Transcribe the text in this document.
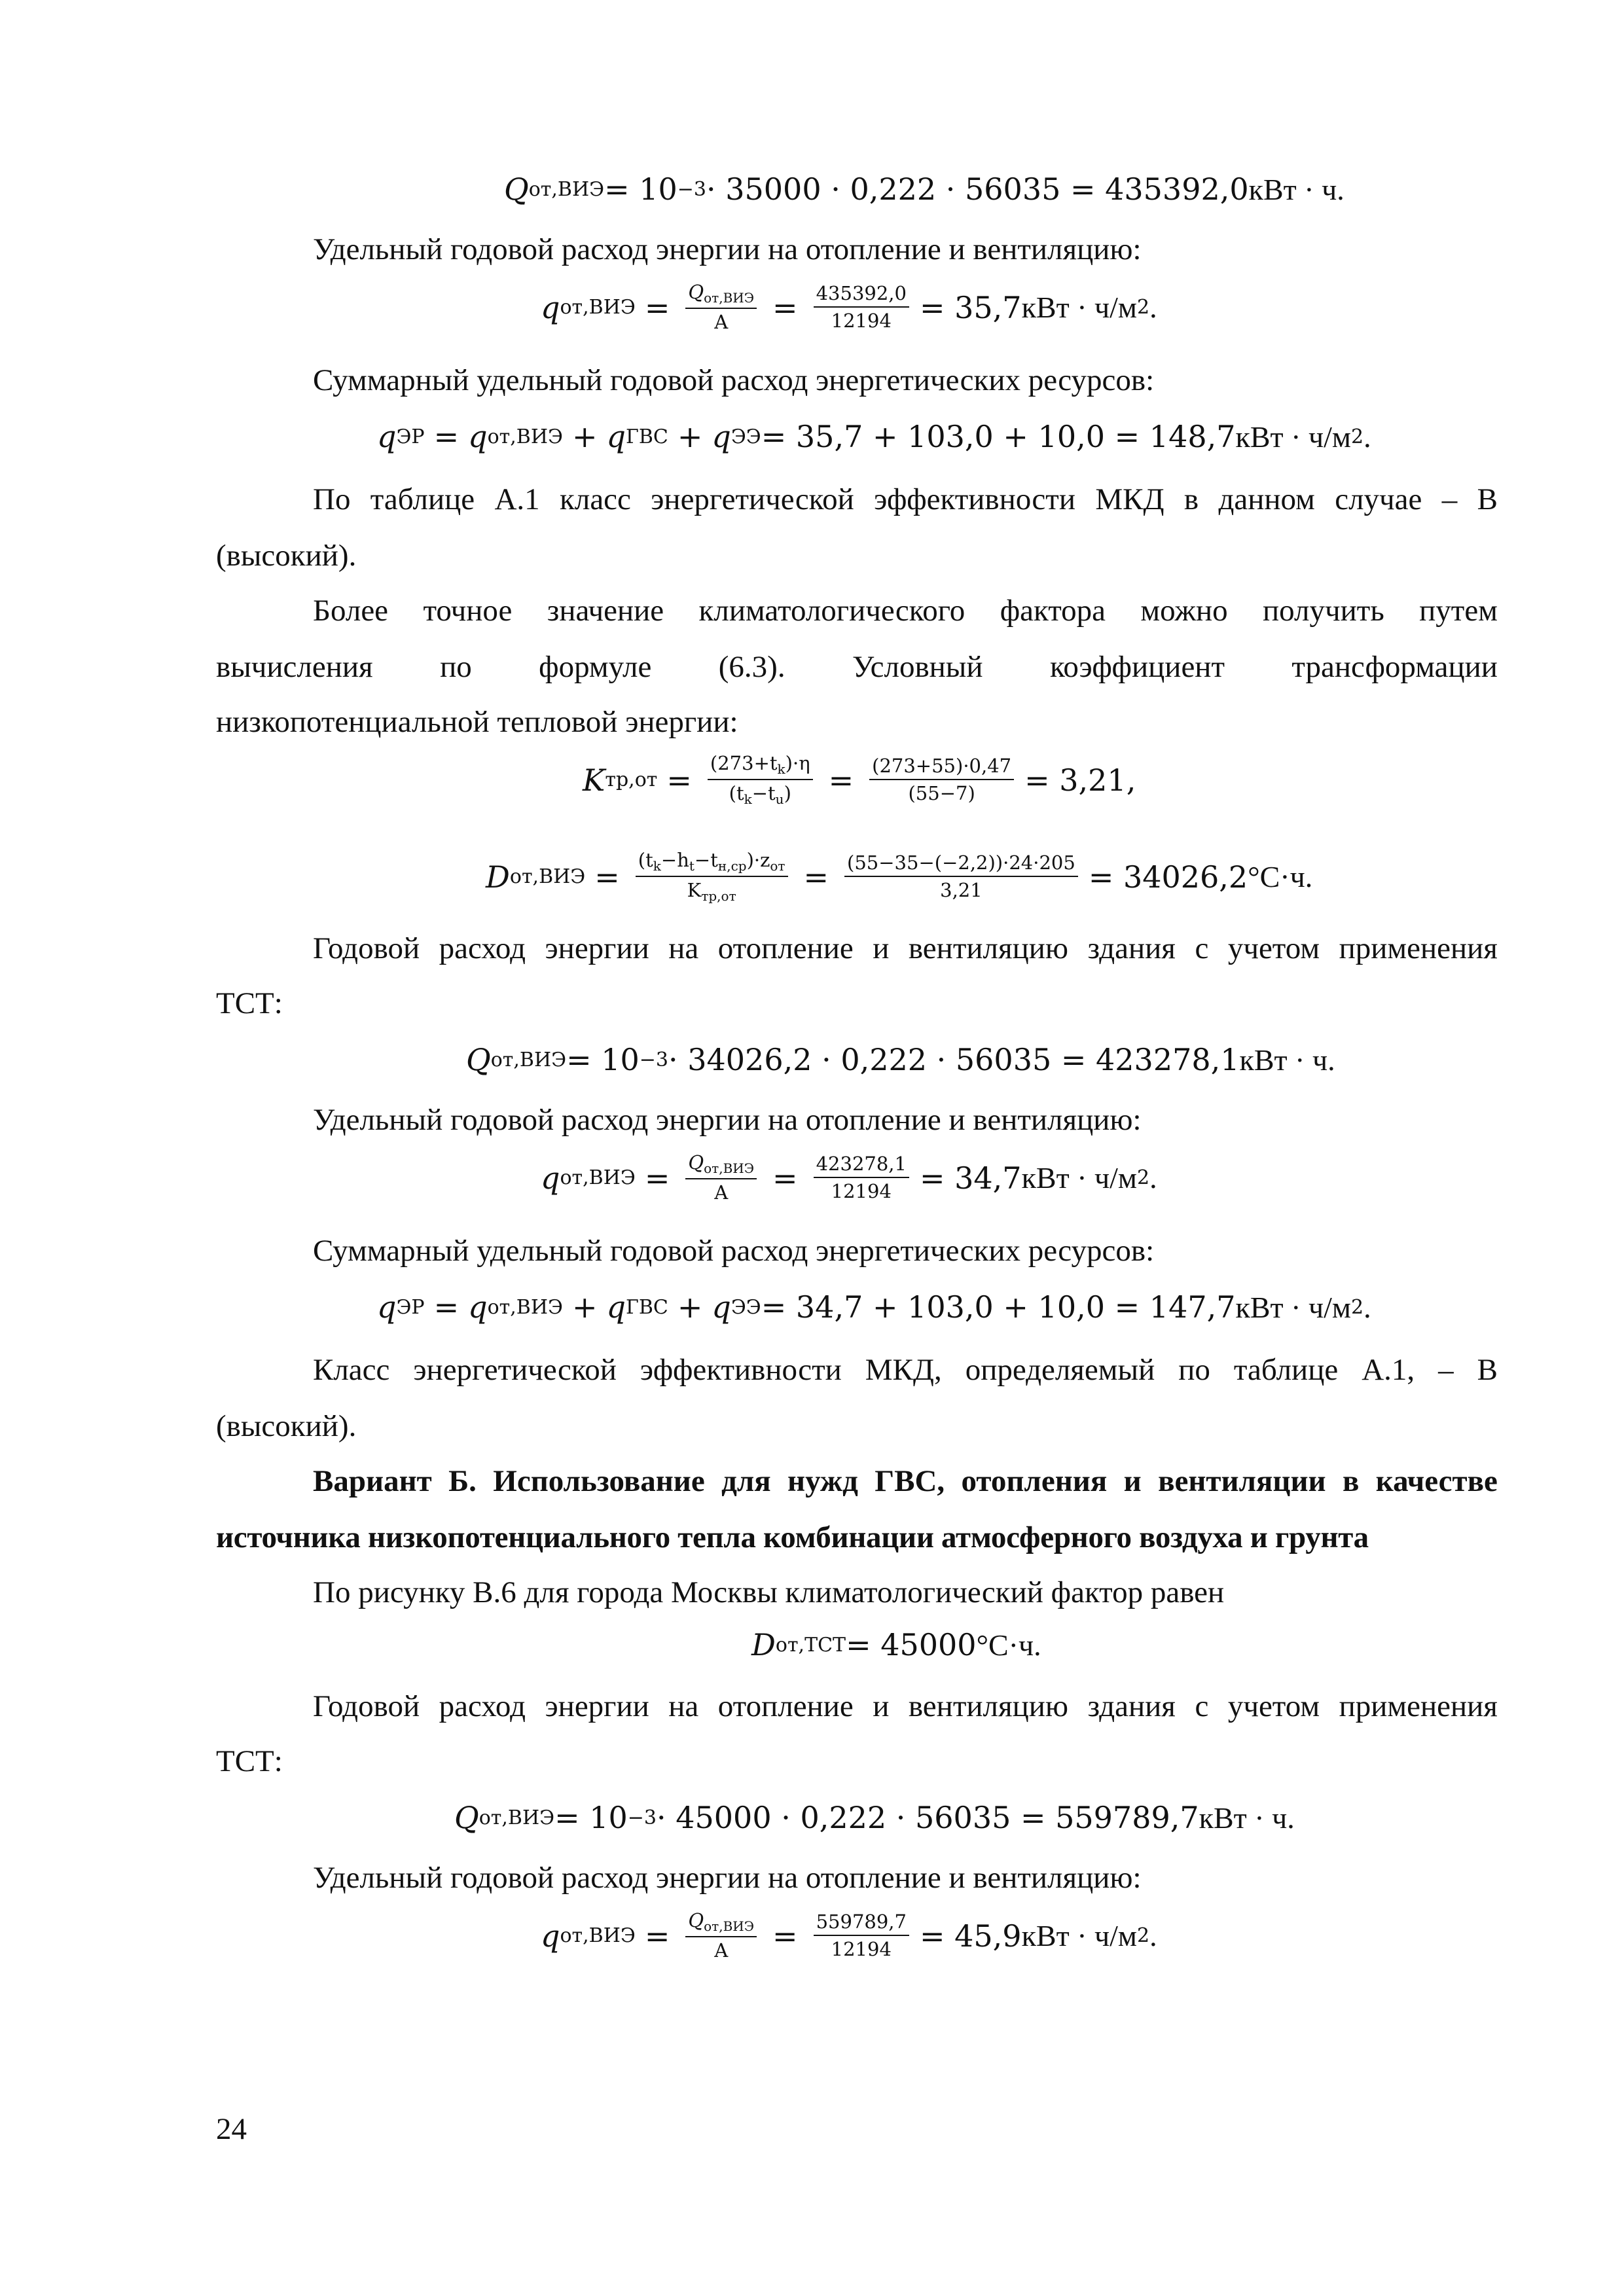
Q от,ВИЭ = 10 −3 · 35000 · 0,222 · 56035 = 435392,0 кВт · ч.
Удельный годовой расход энергии на отопление и вентиляцию:
q $от,ВИЭ = \frac{Q_{от,ВИЭ}}{А} = \frac{435392,0}{12194} = 35,7$ кВт · ч/м 2 .
Суммарный удельный годовой расход энергетических ресурсов:
q ЭР = q от,ВИЭ + q ГВС + q ЭЭ = 35,7 + 103,0 + 10,0 = 148,7 кВт · ч/м 2 .
По таблице А.1 класс энергетической эффективности МКД в данном случае – В
(высокий).
Более точное значение климатологического фактора можно получить путем
вычисления по формуле (6.3). Условный коэффициент трансформации
низкопотенциальной тепловой энергии:
K $тр,от = \frac{(273+t_k)\cdot\eta}{(t_k-t_u)} = \frac{(273+55)\cdot 0,47}{(55-7)} = 3,21$,
D $от,ВИЭ = \frac{(t_k-h_t-t_{н,ср})\cdot z_{от}}{K_{тр,от}} = \frac{(55-35-(-2,2))\cdot 24\cdot 205}{3,21} = 34026,2$ °С·ч.
Годовой расход энергии на отопление и вентиляцию здания с учетом применения
ТСТ:
Q от,ВИЭ = 10 −3 · 34026,2 · 0,222 · 56035 = 423278,1 кВт · ч.
Удельный годовой расход энергии на отопление и вентиляцию:
q $от,ВИЭ = \frac{Q_{от,ВИЭ}}{А} = \frac{423278,1}{12194} = 34,7$ кВт · ч/м 2 .
Суммарный удельный годовой расход энергетических ресурсов:
q ЭР = q от,ВИЭ + q ГВС + q ЭЭ = 34,7 + 103,0 + 10,0 = 147,7 кВт · ч/м 2 .
Класс энергетической эффективности МКД, определяемый по таблице А.1, – В
(высокий).
Вариант Б. Использование для нужд ГВС, отопления и вентиляции в качестве
источника низкопотенциального тепла комбинации атмосферного воздуха и грунта
По рисунку В.6 для города Москвы климатологический фактор равен
D от,ТСТ = 45000 °С·ч.
Годовой расход энергии на отопление и вентиляцию здания с учетом применения
ТСТ:
Q от,ВИЭ = 10 −3 · 45000 · 0,222 · 56035 = 559789,7 кВт · ч.
Удельный годовой расход энергии на отопление и вентиляцию:
q $от,ВИЭ = \frac{Q_{от,ВИЭ}}{А} = \frac{559789,7}{12194} = 45,9$ кВт · ч/м 2 .
24
